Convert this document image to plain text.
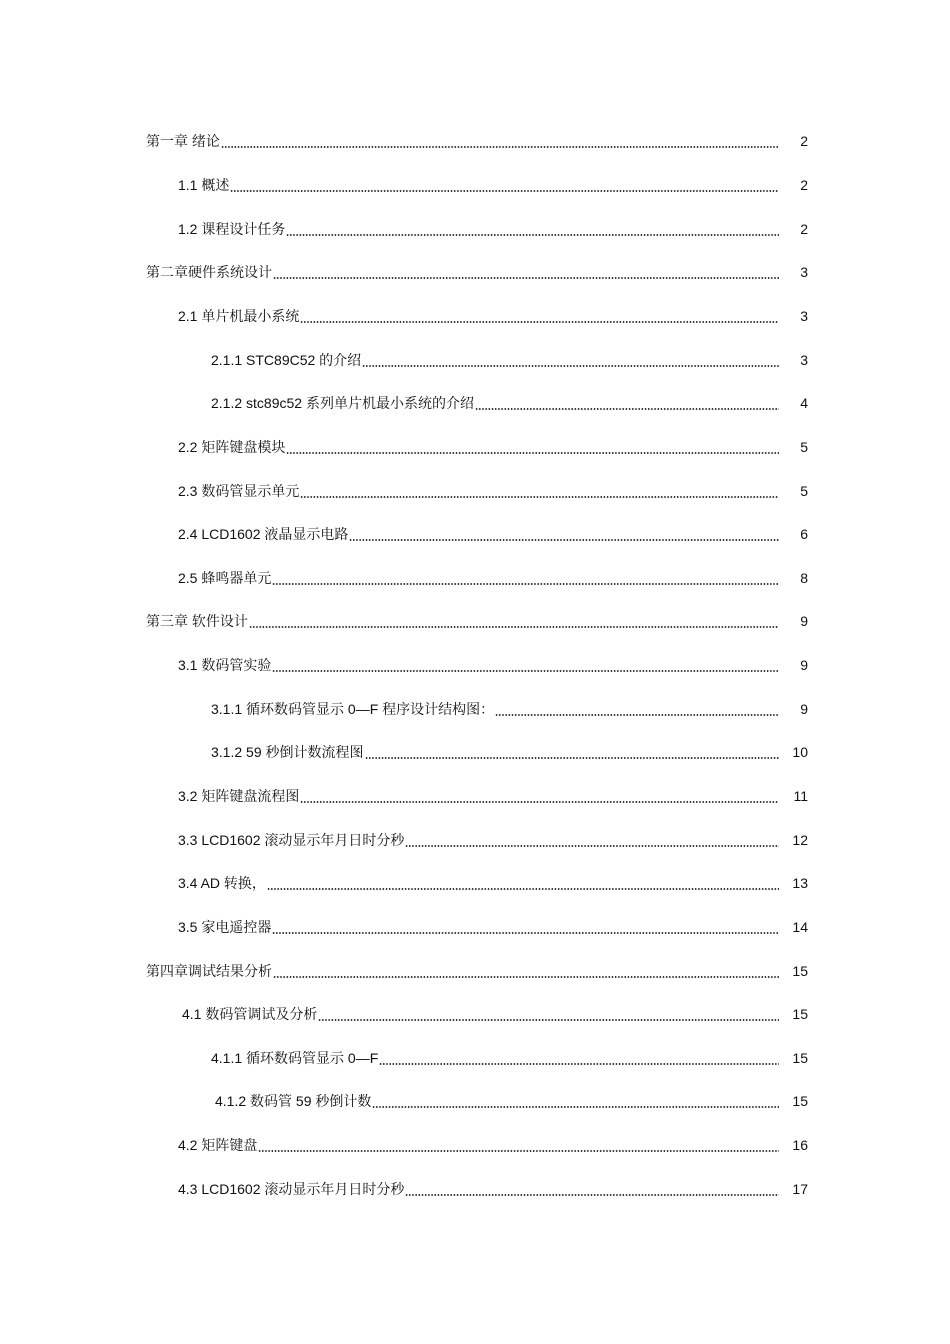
第一章 绪论	2
1.1 概述	2
1.2 课程设计任务	2
第二章硬件系统设计	3
2.1 单片机最小系统	3
2.1.1 STC89C52 的介绍	3
2.1.2 stc89c52 系列单片机最小系统的介绍	4
2.2 矩阵键盘模块	5
2.3 数码管显示单元	5
2.4 LCD1602 液晶显示电路	6
2.5 蜂鸣器单元	8
第三章 软件设计	9
3.1 数码管实验	9
3.1.1 循环数码管显示 0—F 程序设计结构图：	9
3.1.2 59 秒倒计数流程图	10
3.2 矩阵键盘流程图	11
3.3 LCD1602 滚动显示年月日时分秒	12
3.4 AD 转换，	13
3.5 家电遥控器	14
第四章调试结果分析	15
4.1 数码管调试及分析	15
4.1.1 循环数码管显示 0—F	15
4.1.2 数码管 59 秒倒计数	15
4.2 矩阵键盘	16
4.3 LCD1602 滚动显示年月日时分秒	17
